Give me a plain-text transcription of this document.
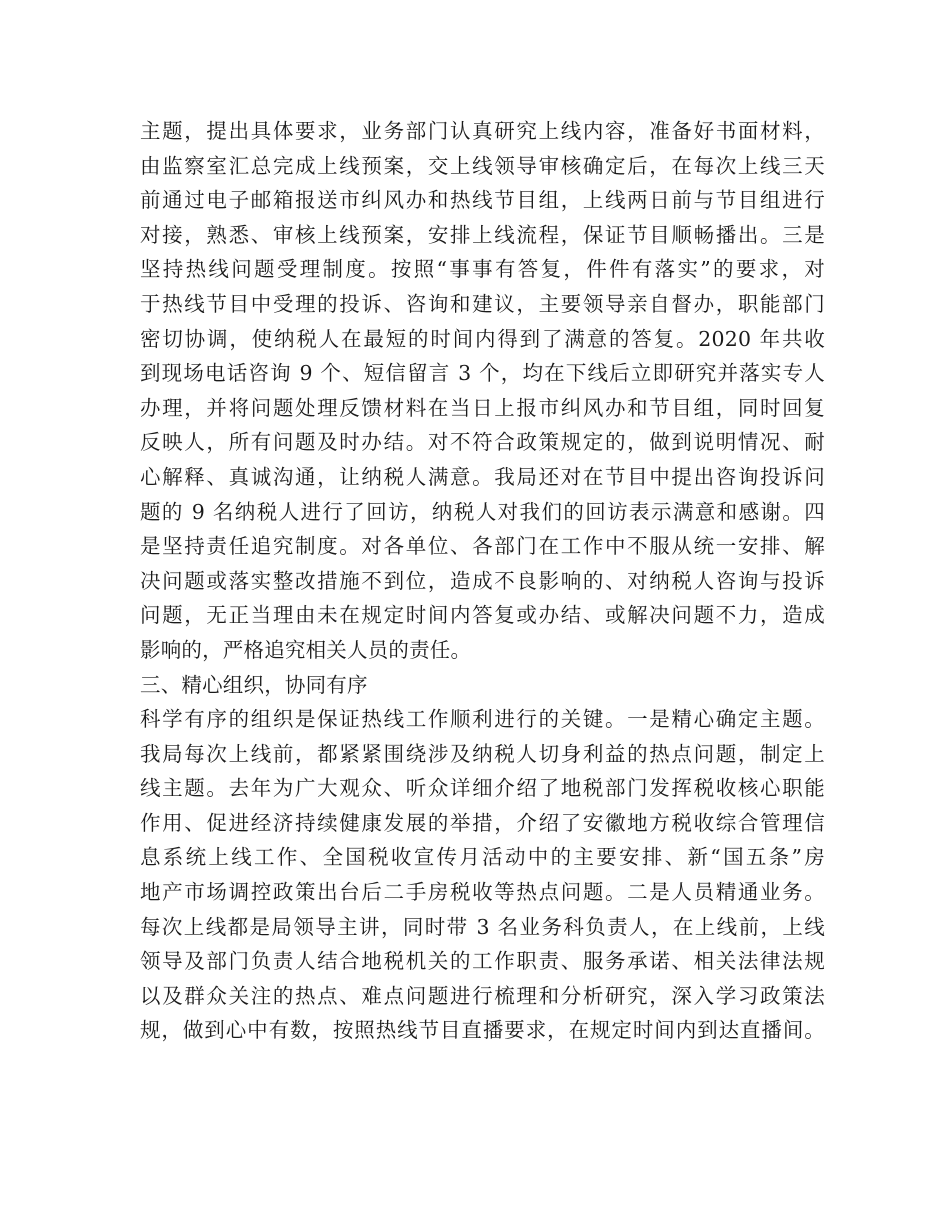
主题，提出具体要求，业务部门认真研究上线内容，准备好书面材料，
由监察室汇总完成上线预案，交上线领导审核确定后，在每次上线三天
前通过电子邮箱报送市纠风办和热线节目组，上线两日前与节目组进行
对接，熟悉、审核上线预案，安排上线流程，保证节目顺畅播出。三是
坚持热线问题受理制度。按照“事事有答复，件件有落实”的要求，对
于热线节目中受理的投诉、咨询和建议，主要领导亲自督办，职能部门
密切协调，使纳税人在最短的时间内得到了满意的答复。2020 年共收
到现场电话咨询 9 个、短信留言 3 个，均在下线后立即研究并落实专人
办理，并将问题处理反馈材料在当日上报市纠风办和节目组，同时回复
反映人，所有问题及时办结。对不符合政策规定的，做到说明情况、耐
心解释、真诚沟通，让纳税人满意。我局还对在节目中提出咨询投诉问
题的 9 名纳税人进行了回访，纳税人对我们的回访表示满意和感谢。四
是坚持责任追究制度。对各单位、各部门在工作中不服从统一安排、解
决问题或落实整改措施不到位，造成不良影响的、对纳税人咨询与投诉
问题，无正当理由未在规定时间内答复或办结、或解决问题不力，造成
影响的，严格追究相关人员的责任。
三、精心组织，协同有序
科学有序的组织是保证热线工作顺利进行的关键。一是精心确定主题。
我局每次上线前，都紧紧围绕涉及纳税人切身利益的热点问题，制定上
线主题。去年为广大观众、听众详细介绍了地税部门发挥税收核心职能
作用、促进经济持续健康发展的举措，介绍了安徽地方税收综合管理信
息系统上线工作、全国税收宣传月活动中的主要安排、新“国五条”房
地产市场调控政策出台后二手房税收等热点问题。二是人员精通业务。
每次上线都是局领导主讲，同时带 3 名业务科负责人，在上线前，上线
领导及部门负责人结合地税机关的工作职责、服务承诺、相关法律法规
以及群众关注的热点、难点问题进行梳理和分析研究，深入学习政策法
规，做到心中有数，按照热线节目直播要求，在规定时间内到达直播间。
